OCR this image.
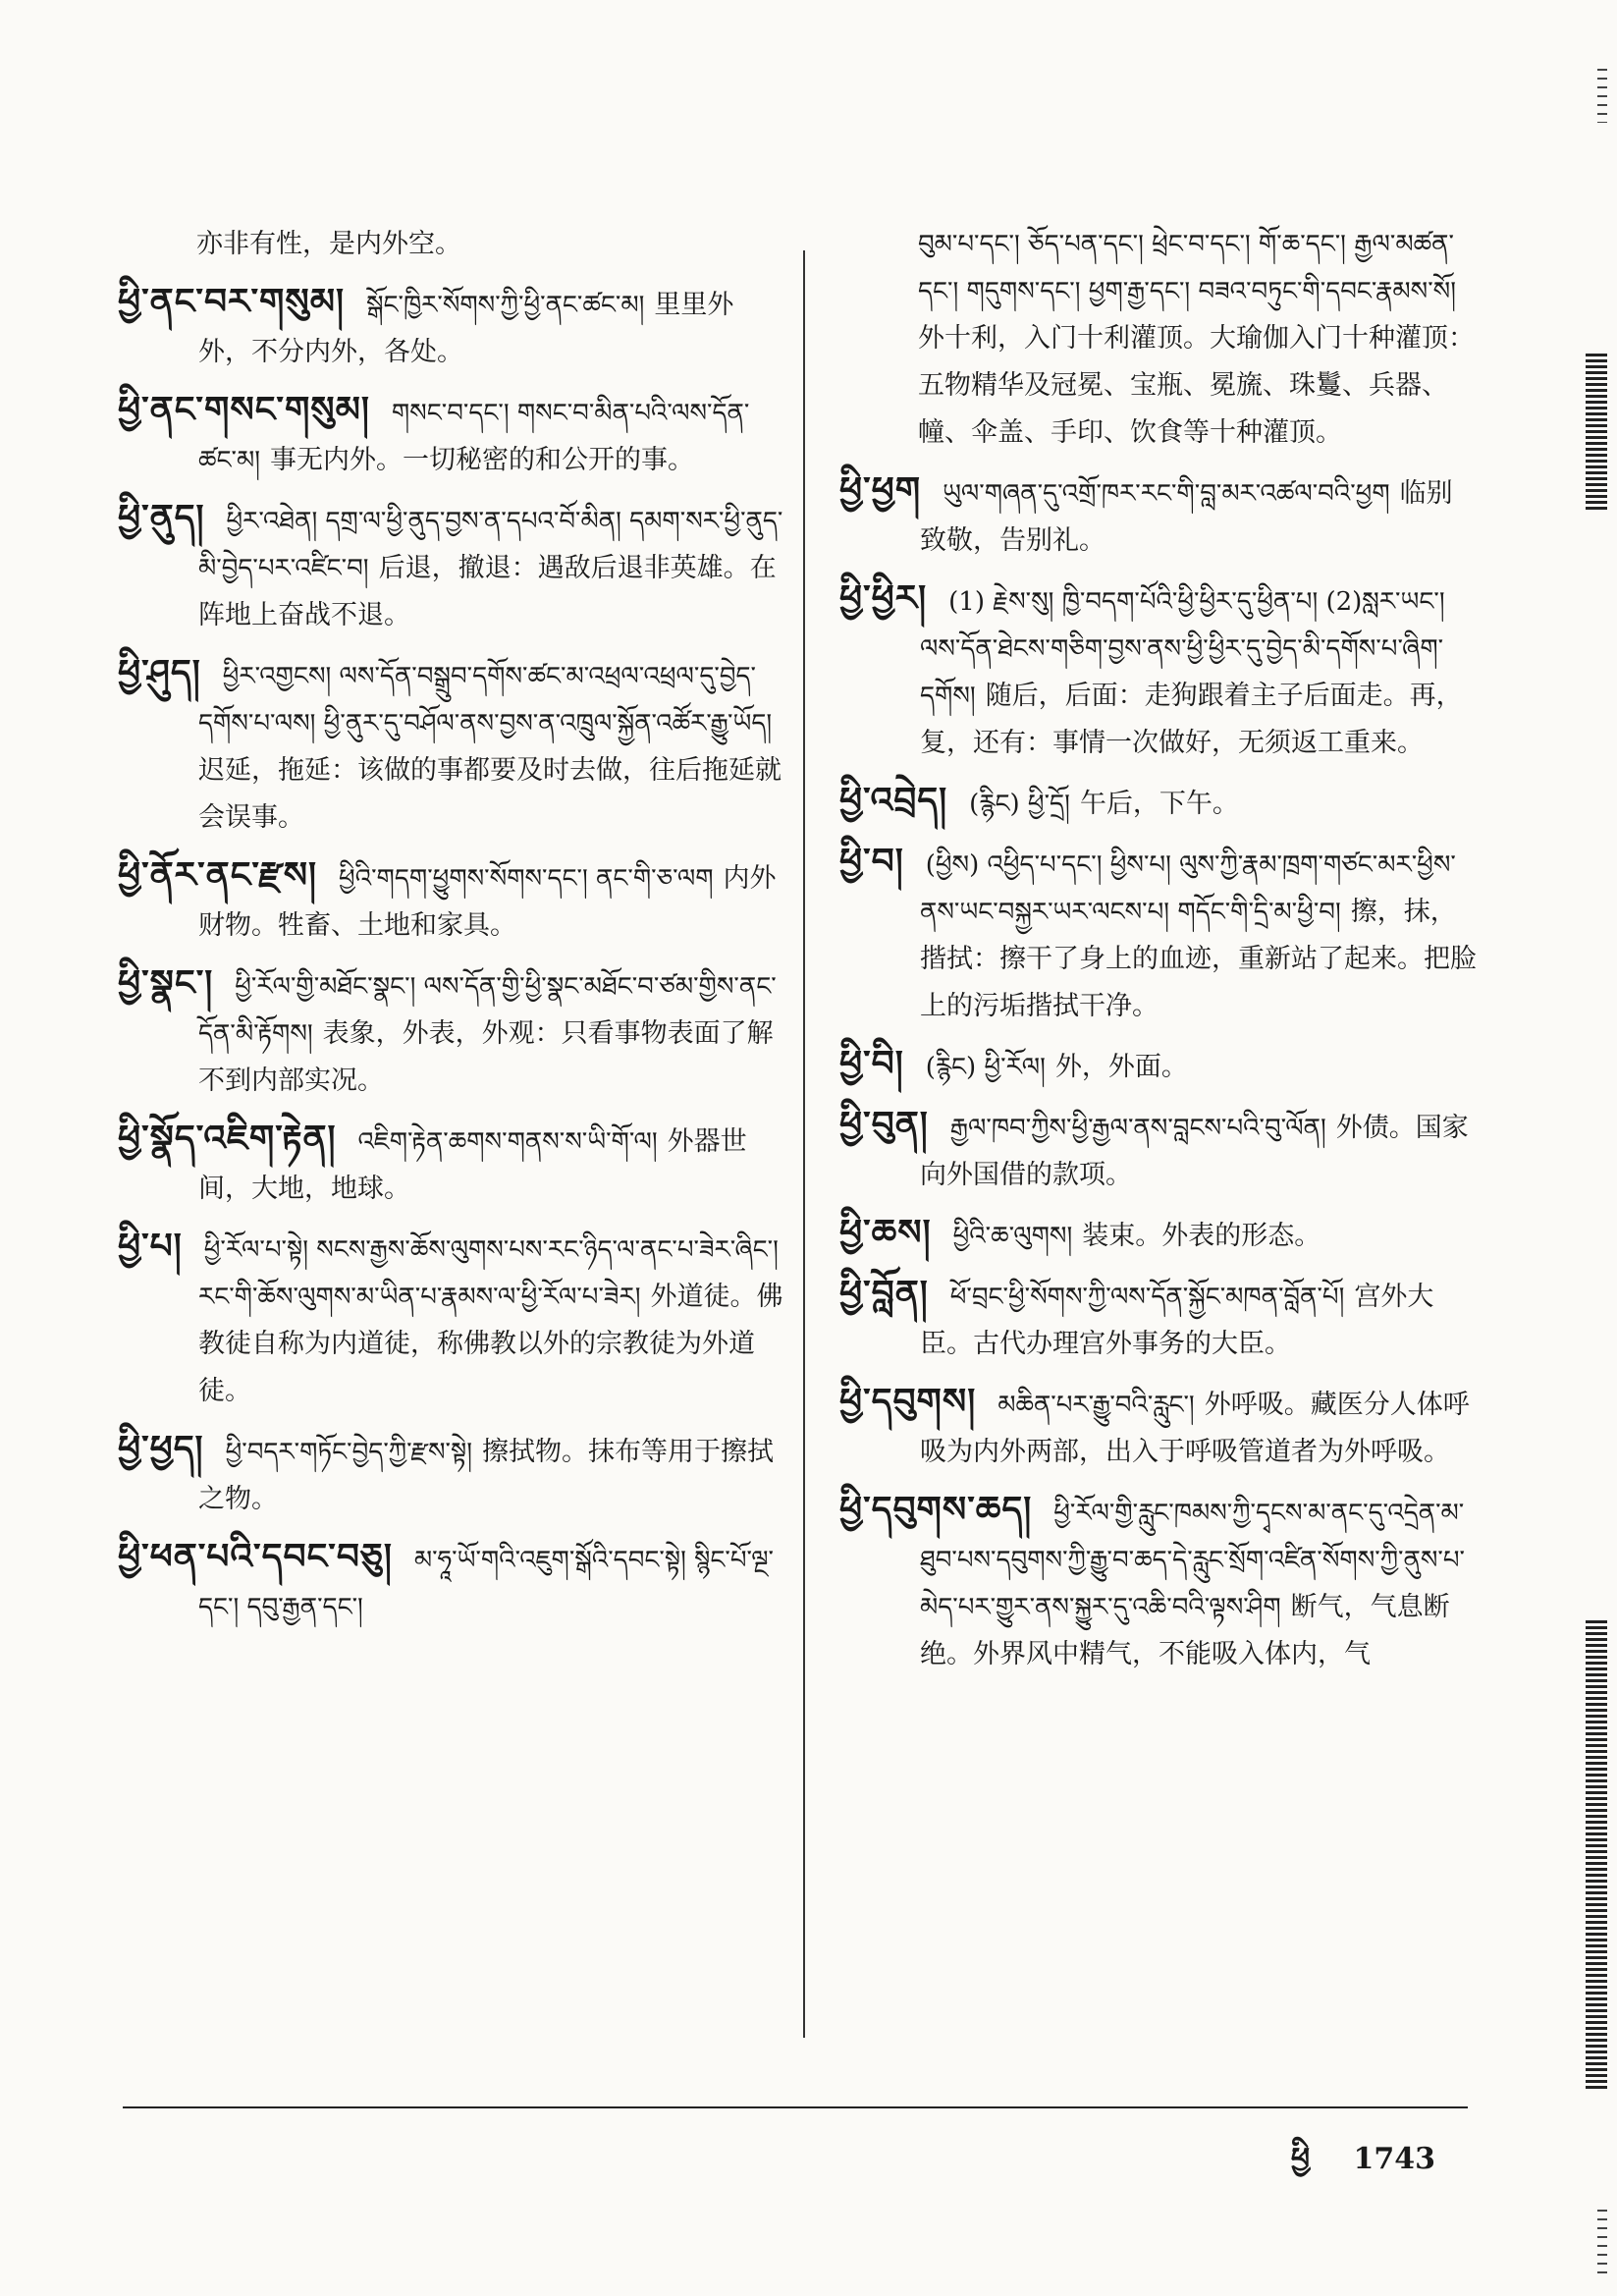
亦非有性，是内外空。

ཕྱི་ནང་བར་གསུམ། སྒོང་ཁྱིར་སོགས་ཀྱི་ཕྱི་ནང་ཚང་མ། 里里外外，不分内外，各处。

ཕྱི་ནང་གསང་གསུམ། གསང་བ་དང་། གསང་བ་མིན་པའི་ལས་དོན་ཚང་མ། 事无内外。一切秘密的和公开的事。

ཕྱི་ནུད། ཕྱིར་འཐེན། དགྲ་ལ་ཕྱི་ནུད་བྱས་ན་དཔའ་བོ་མིན། དམག་སར་ཕྱི་ནུད་མི་བྱེད་པར་འཛིང་བ། 后退，撤退：遇敌后退非英雄。在阵地上奋战不退。

ཕྱི་ཤུད། ཕྱིར་འགྱངས། ལས་དོན་བསྒྲུབ་དགོས་ཚང་མ་འཕྲལ་འཕྲལ་དུ་བྱེད་དགོས་པ་ལས། ཕྱི་ནུར་དུ་བཤོལ་ནས་བྱས་ན་འཁྲུལ་སྐྱོན་འཚོར་རྒྱུ་ཡོད།迟延，拖延：该做的事都要及时去做，往后拖延就会误事。

ཕྱི་ནོར་ནང་རྫས། ཕྱིའི་གདག་ཕྱུགས་སོགས་དང་། ནང་གི་ཅ་ལག 内外财物。牲畜、土地和家具。

ཕྱི་སྣང་། ཕྱི་རོལ་གྱི་མཐོང་སྣང་། ལས་དོན་གྱི་ཕྱི་སྣང་མཐོང་བ་ཙམ་གྱིས་ནང་དོན་མི་རྟོགས། 表象，外表，外观：只看事物表面了解不到内部实况。

ཕྱི་སྣོད་འཇིག་རྟེན། འཇིག་རྟེན་ཆགས་གནས་ས་ཡི་གོ་ལ། 外器世间，大地，地球。

ཕྱི་པ། ཕྱི་རོལ་པ་སྟེ། སངས་རྒྱས་ཆོས་ལུགས་པས་རང་ཉིད་ལ་ནང་པ་ཟེར་ཞིང་། རང་གི་ཆོས་ལུགས་མ་ཡིན་པ་རྣམས་ལ་ཕྱི་རོལ་པ་ཟེར། 外道徒。佛教徒自称为内道徒，称佛教以外的宗教徒为外道徒。

ཕྱི་ཕྱད། ཕྱི་བདར་གཏོང་བྱེད་ཀྱི་རྫས་སྟེ། 擦拭物。抹布等用于擦拭之物。

ཕྱི་ཕན་པའི་དབང་བཅུ། མ་ཧཱ་ཡོ་གའི་འཇུག་སྒོའི་དབང་སྟེ། སྙིང་པོ་ལྔ་དང་། དབུ་རྒྱན་དང་།

བུམ་པ་དང་། ཅོད་པན་དང་། ཕྲེང་བ་དང་། གོ་ཆ་དང་། རྒྱལ་མཚན་དང་། གདུགས་དང་། ཕྱག་རྒྱ་དང་། བཟའ་བཏུང་གི་དབང་རྣམས་སོ།外十利，入门十利灌顶。大瑜伽入门十种灌顶：五物精华及冠冕、宝瓶、冕旒、珠鬘、兵器、幢、伞盖、手印、饮食等十种灌顶。

ཕྱི་ཕྱག ཡུལ་གཞན་དུ་འགྲོ་ཁར་རང་གི་བླ་མར་འཚལ་བའི་ཕྱག 临别致敬，告别礼。

ཕྱི་ཕྱིར། (1) རྗེས་སུ། ཁྱི་བདག་པོའི་ཕྱི་ཕྱིར་དུ་ཕྱིན་པ། (2)སླར་ཡང་། ལས་དོན་ཐེངས་གཅིག་བྱས་ནས་ཕྱི་ཕྱིར་དུ་བྱེད་མི་དགོས་པ་ཞིག་དགོས། 随后，后面：走狗跟着主子后面走。再，复，还有：事情一次做好，无须返工重来。

ཕྱི་འབྲེད། (རྙིང) ཕྱི་དྲོ། 午后，下午。

ཕྱི་བ། (ཕྱིས) འཕྱིད་པ་དང་། ཕྱིས་པ། ལུས་ཀྱི་རྣམ་ཁྲག་གཙང་མར་ཕྱིས་ནས་ཡང་བསྐྱར་ཡར་ལངས་པ། གདོང་གི་དྲི་མ་ཕྱི་བ། 擦，抹，揩拭：擦干了身上的血迹，重新站了起来。把脸上的污垢揩拭干净。

ཕྱི་བི། (རྙིང) ཕྱི་རོལ། 外，外面。

ཕྱི་བུན། རྒྱལ་ཁབ་ཀྱིས་ཕྱི་རྒྱལ་ནས་བླངས་པའི་བུ་ལོན། 外债。国家向外国借的款项。

ཕྱི་ཆས། ཕྱིའི་ཆ་ལུགས། 装束。外表的形态。

ཕྱི་བློན། ཕོ་བྲང་ཕྱི་སོགས་ཀྱི་ལས་དོན་སྐྱོང་མཁན་བློན་པོ། 宫外大臣。古代办理宫外事务的大臣。

ཕྱི་དབུགས། མཆིན་པར་རྒྱུ་བའི་རླུང་། 外呼吸。藏医分人体呼吸为内外两部，出入于呼吸管道者为外呼吸。

ཕྱི་དབུགས་ཆད། ཕྱི་རོལ་གྱི་རླུང་ཁམས་ཀྱི་དྭངས་མ་ནང་དུ་འདྲེན་མ་ཐུབ་པས་དབུགས་ཀྱི་རྒྱུ་བ་ཆད་དེ་རླུང་སྲོག་འཛིན་སོགས་ཀྱི་ནུས་པ་མེད་པར་གྱུར་ནས་སྐྱུར་དུ་འཆི་བའི་ལྟས་ཤིག 断气，气息断绝。外界风中精气，不能吸入体内，气

ཕྱི 1743
